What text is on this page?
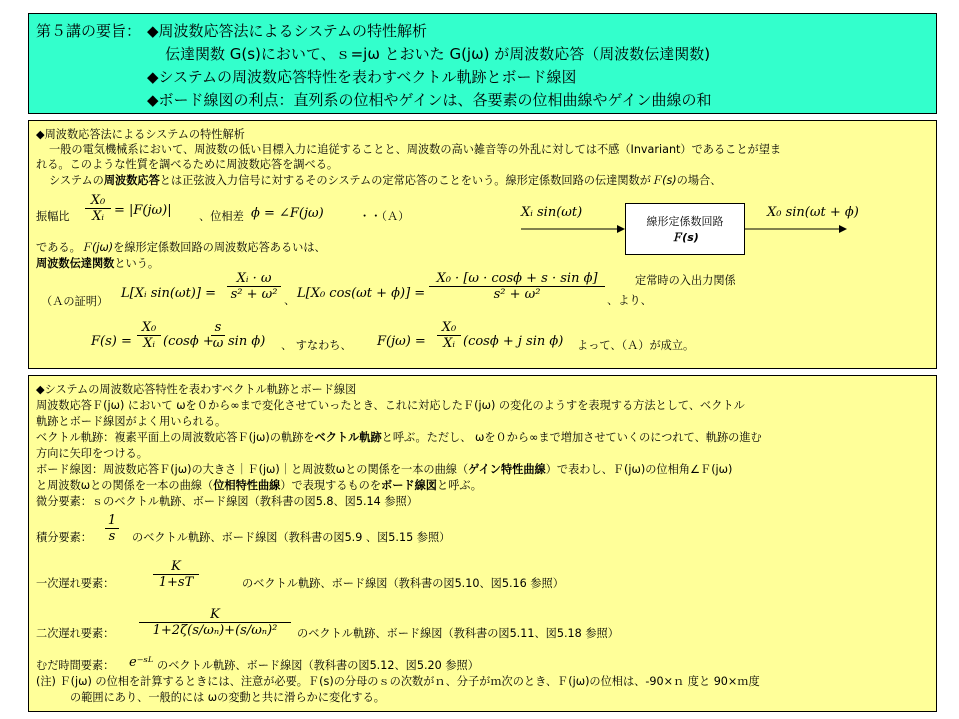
第５講の要旨： ◆周波数応答法によるシステムの特性解析
伝達関数 G(s)において、ｓ=jω とおいた G(jω) が周波数応答（周波数伝達関数)
◆システムの周波数応答特性を表わすベクトル軌跡とボード線図
◆ボード線図の利点：直列系の位相やゲインは、各要素の位相曲線やゲイン曲線の和
◆周波数応答法によるシステムの特性解析
一般の電気機械系において、周波数の低い目標入力に追従することと、周波数の高い雑音等の外乱に対しては不感（Invariant）であることが望ま
れる。このような性質を調べるために周波数応答を調べる。
システムの周波数応答とは正弦波入力信号に対するそのシステムの定常応答のことをいう。線形定係数回路の伝達関数がＦ(s)の場合、
振幅比
X₀
Xᵢ = |F(jω)| 、位相差 ϕ = ∠F(jω)	・・（Ａ）
である。Ｆ(jω)を線形定係数回路の周波数応答あるいは、
周波数伝達関数という。
Xᵢ sin(ωt)
線形定係数回路
Ｆ(s)
X₀ sin(ωt + ϕ)
定常時の入出力関係
（Ａの証明）
L[Xᵢ sin(ωt)] =
Xᵢ · ω
s² + ω² 、 L[X₀ cos(ωt + ϕ)] =
X₀ · [ω · cosϕ + s · sin ϕ]
s² + ω²	、より、
F(s) =
X₀
Xᵢ (cosϕ +
s
ω sin ϕ) 、 すなわち、 F(jω) =
X₀
Xᵢ (cosϕ + j sin ϕ) よって、（Ａ）が成立。
◆システムの周波数応答特性を表わすベクトル軌跡とボード線図
周波数応答Ｆ(jω) において ωを０から∞まで変化させていったとき、これに対応したＦ(jω) の変化のようすを表現する方法として、ベクトル
軌跡とボード線図がよく用いられる。
ベクトル軌跡：複素平面上の周波数応答Ｆ(jω)の軌跡をベクトル軌跡と呼ぶ。ただし、 ωを０から∞まで増加させていくのにつれて、軌跡の進む
方向に矢印をつける。
ボード線図：周波数応答Ｆ(jω)の大きさ｜Ｆ(jω)｜と周波数ωとの関係を一本の曲線（ゲイン特性曲線）で表わし、Ｆ(jω)の位相角∠Ｆ(jω)
と周波数ωとの関係を一本の曲線（位相特性曲線）で表現するものをボード線図と呼ぶ。
微分要素：ｓのベクトル軌跡、ボード線図（教科書の図5.8、図5.14 参照）
積分要素：
1
s	のベクトル軌跡、ボード線図（教科書の図5.9 、図5.15 参照）
一次遅れ要素：
K
1+sT	のベクトル軌跡、ボード線図（教科書の図5.10、図5.16 参照）
二次遅れ要素：
K
1+2ζ(s/ωₙ)+(s/ωₙ)²	のベクトル軌跡、ボード線図（教科書の図5.11、図5.18 参照）
むだ時間要素： e⁻ˢᴸ のベクトル軌跡、ボード線図（教科書の図5.12、図5.20 参照）
(注) Ｆ(jω) の位相を計算するときには、注意が必要。Ｆ(s)の分母のｓの次数がｎ、分子がｍ次のとき、Ｆ(jω)の位相は、-90×ｎ 度と 90×ｍ度
の範囲にあり、一般的には ωの変動と共に滑らかに変化する。
